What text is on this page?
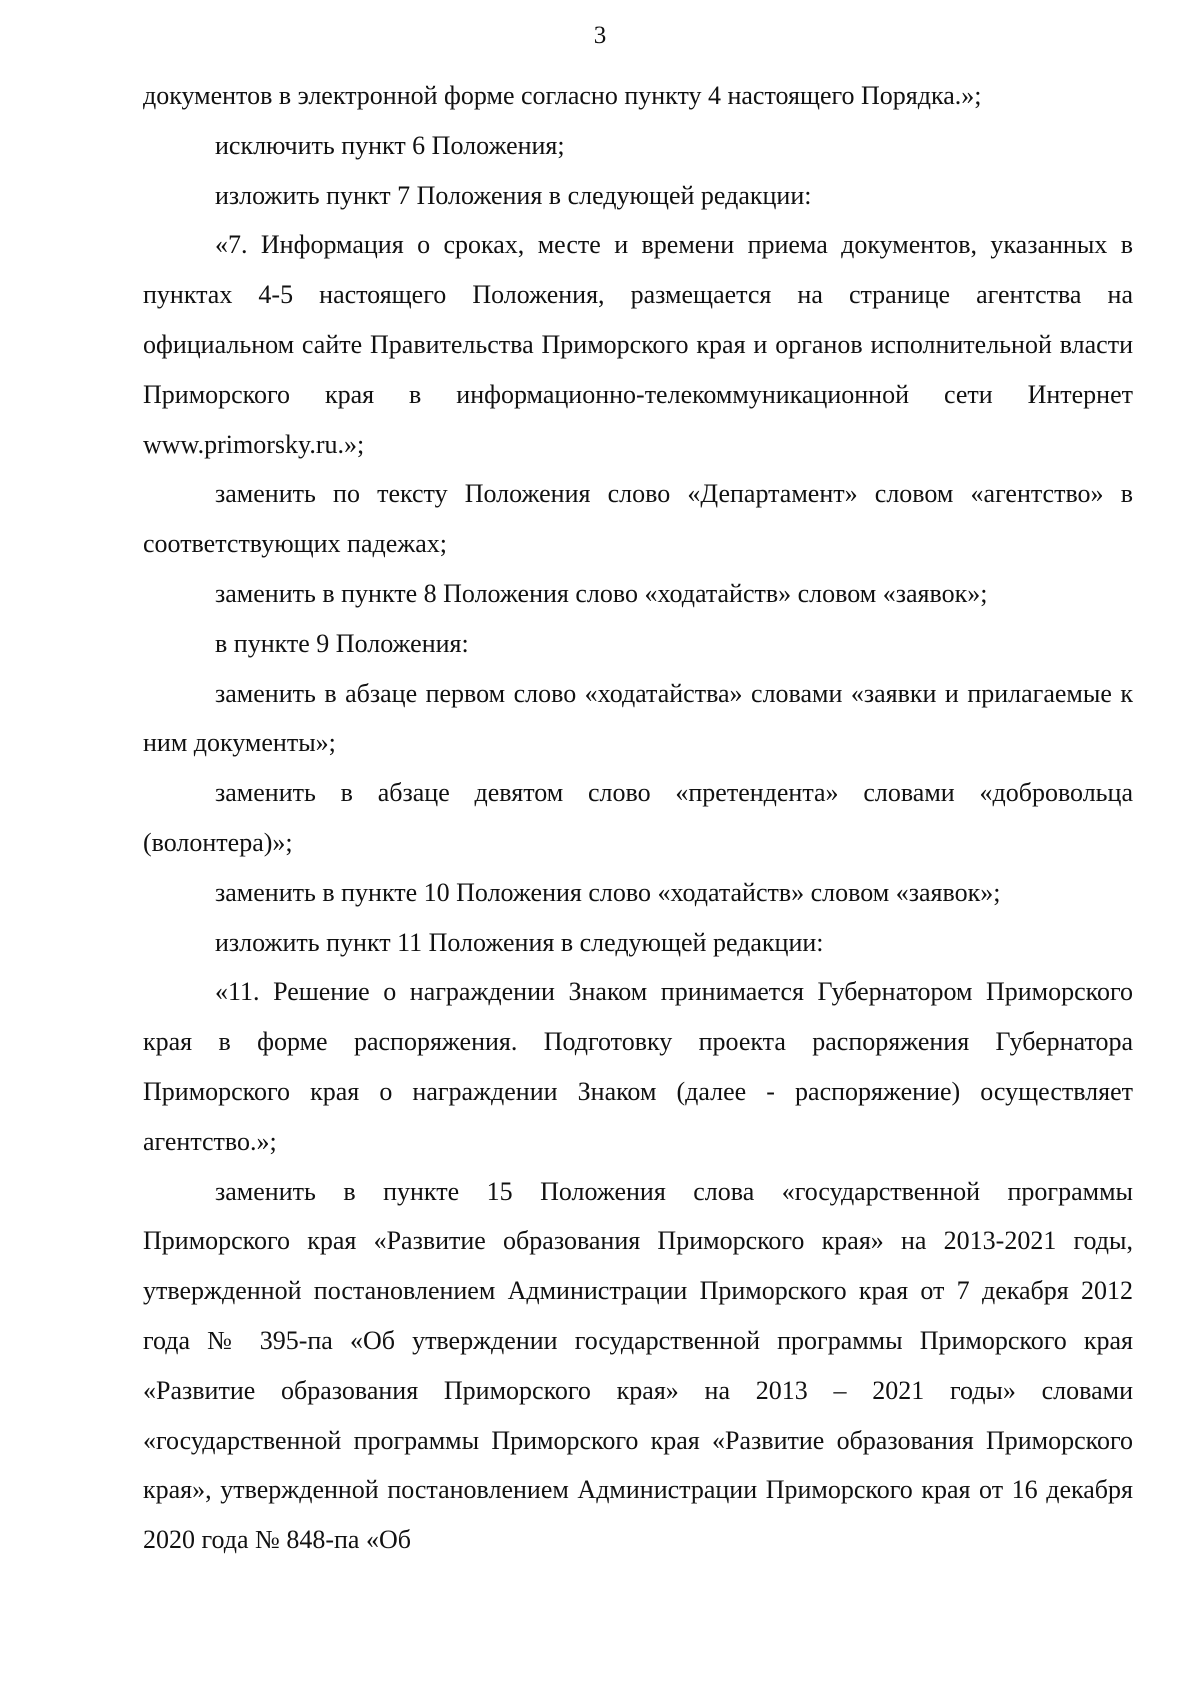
3

документов в электронной форме согласно пункту 4 настоящего Порядка.»;

исключить пункт 6 Положения;

изложить пункт 7 Положения в следующей редакции:

«7. Информация о сроках, месте и времени приема документов, указанных в пунктах 4-5 настоящего Положения, размещается на странице агентства на официальном сайте Правительства Приморского края и органов исполнительной власти Приморского края в информационно-телекоммуникационной сети Интернет www.primorsky.ru.»;

заменить по тексту Положения слово «Департамент» словом «агентство» в соответствующих падежах;

заменить в пункте 8 Положения слово «ходатайств» словом «заявок»;

в пункте 9 Положения:

заменить в абзаце первом слово «ходатайства» словами «заявки и прилагаемые к ним документы»;

заменить в абзаце девятом слово «претендента» словами «добровольца (волонтера)»;

заменить в пункте 10 Положения слово «ходатайств» словом «заявок»;

изложить пункт 11 Положения в следующей редакции:

«11. Решение о награждении Знаком принимается Губернатором Приморского края в форме распоряжения. Подготовку проекта распоряжения Губернатора Приморского края о награждении Знаком (далее - распоряжение) осуществляет агентство.»;

заменить в пункте 15 Положения слова «государственной программы Приморского края «Развитие образования Приморского края» на 2013-2021 годы, утвержденной постановлением Администрации Приморского края от 7 декабря 2012 года № 395-па «Об утверждении государственной программы Приморского края «Развитие образования Приморского края» на 2013 – 2021 годы» словами «государственной программы Приморского края «Развитие образования Приморского края», утвержденной постановлением Администрации Приморского края от 16 декабря 2020 года № 848-па «Об
